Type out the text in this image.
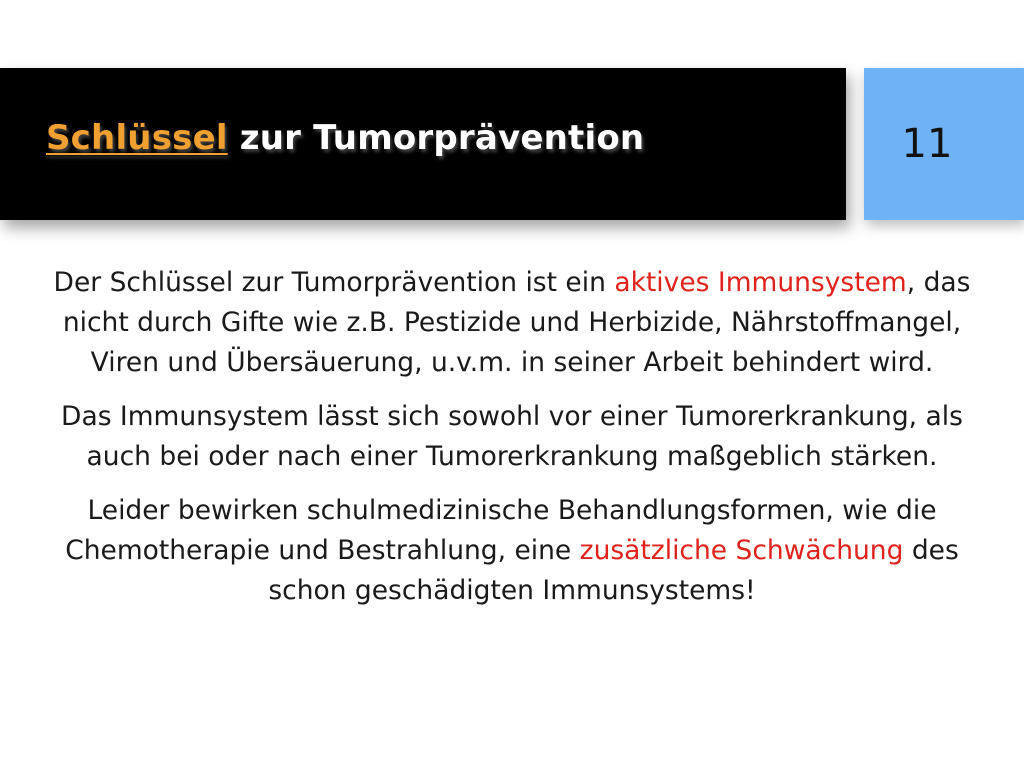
Schlüssel zur Tumorprävention	11

Der Schlüssel zur Tumorprävention ist ein aktives Immunsystem, das nicht durch Gifte wie z.B. Pestizide und Herbizide, Nährstoffmangel, Viren und Übersäuerung, u.v.m. in seiner Arbeit behindert wird.

Das Immunsystem lässt sich sowohl vor einer Tumorerkrankung, als auch bei oder nach einer Tumorerkrankung maßgeblich stärken.

Leider bewirken schulmedizinische Behandlungsformen, wie die Chemotherapie und Bestrahlung, eine zusätzliche Schwächung des schon geschädigten Immunsystems!
